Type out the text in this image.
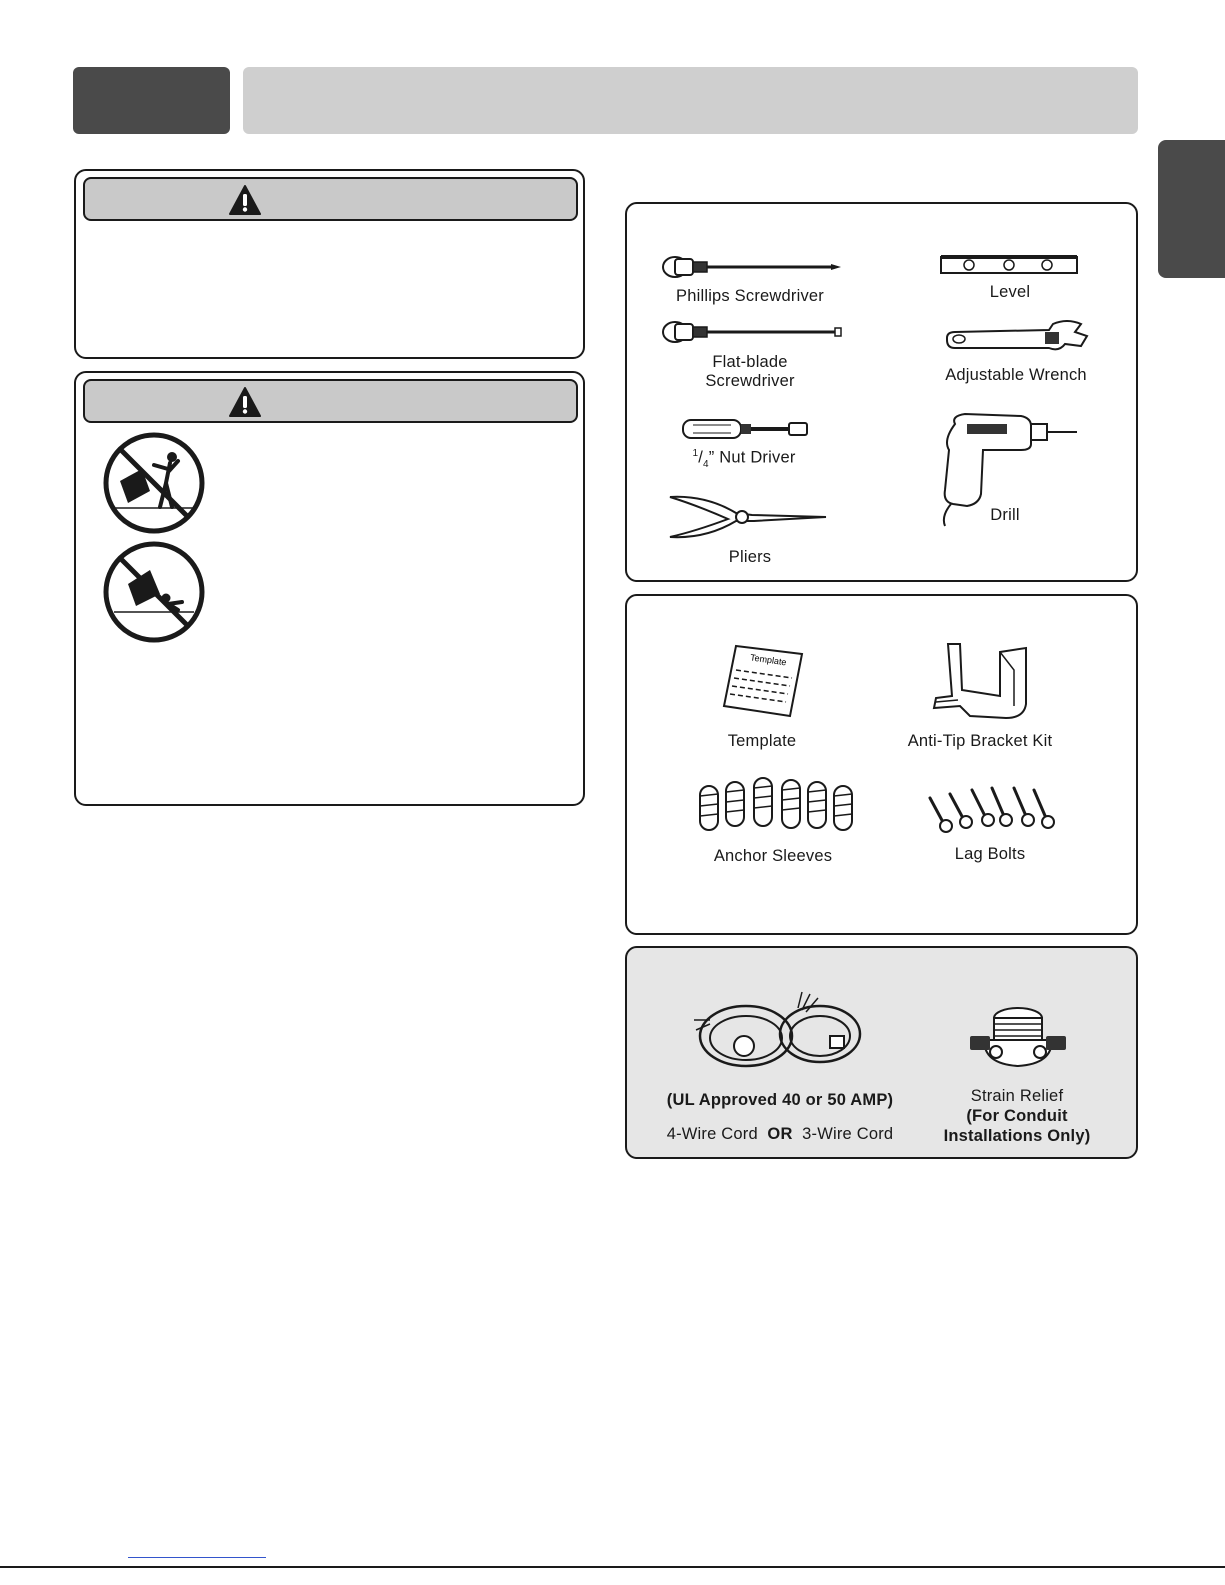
Phillips Screwdriver	Level
Flat-blade
Screwdriver	Adjustable Wrench
$^1/_4$” Nut Driver
Drill
Pliers
Template
Template	Anti-Tip Bracket Kit
Anchor Sleeves	Lag Bolts
(UL Approved 40 or 50 AMP)
4-Wire Cord OR 3-Wire Cord
Strain Relief
(For Conduit
Installations Only)
